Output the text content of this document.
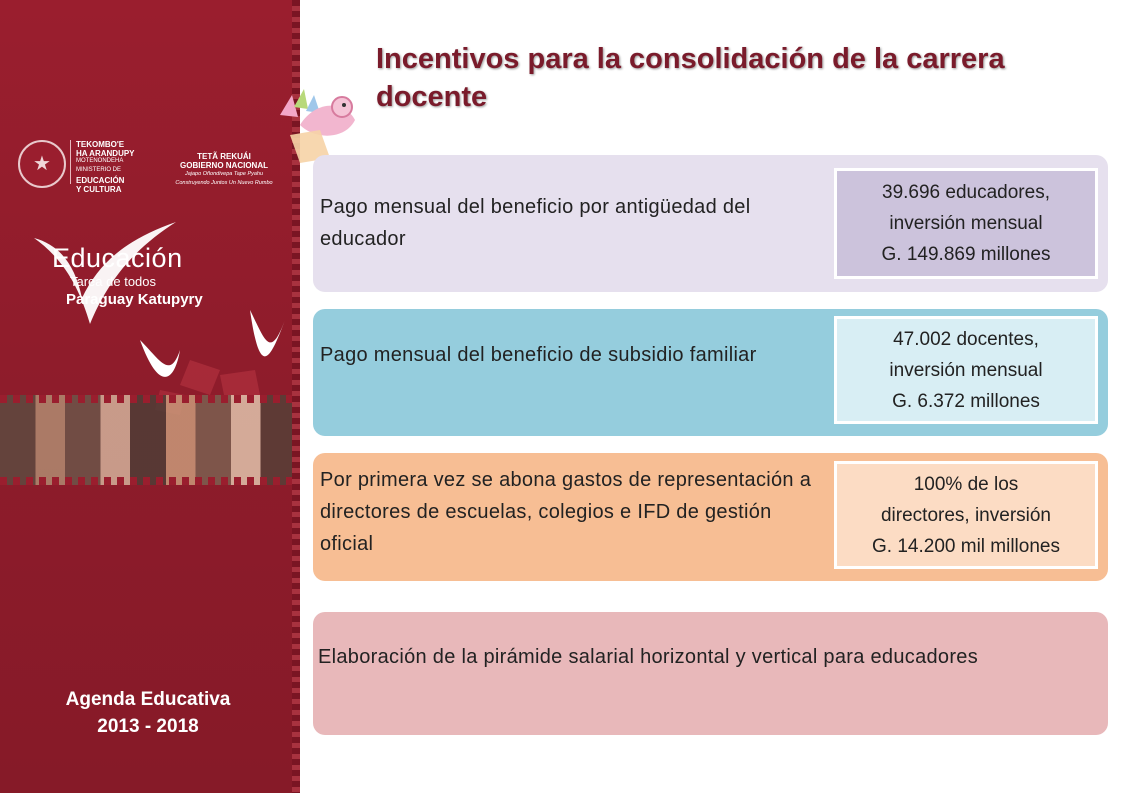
★
TEKOMBO'E
HA ARANDUPY
MOTENONDEHA
MINISTERIO DE
EDUCACIÓN
Y CULTURA
TETÃ REKUÁI
GOBIERNO NACIONAL
Jajapo Oñondivepa Tape Pyahu
Construyendo Juntos Un Nuevo Rumbo
Educación
Tarea de todos
Paraguay Katupyry
Agenda Educativa
2013 - 2018
Incentivos para la consolidación de la carrera docente
Pago mensual del beneficio por antigüedad del educador
39.696 educadores,
inversión mensual
G. 149.869 millones
Pago mensual del beneficio de subsidio familiar
47.002 docentes,
inversión mensual
G. 6.372 millones
Por primera vez se abona gastos de representación a directores de escuelas, colegios e IFD de gestión oficial
100% de los
directores, inversión
G. 14.200 mil millones
Elaboración de la pirámide salarial horizontal y vertical para educadores
